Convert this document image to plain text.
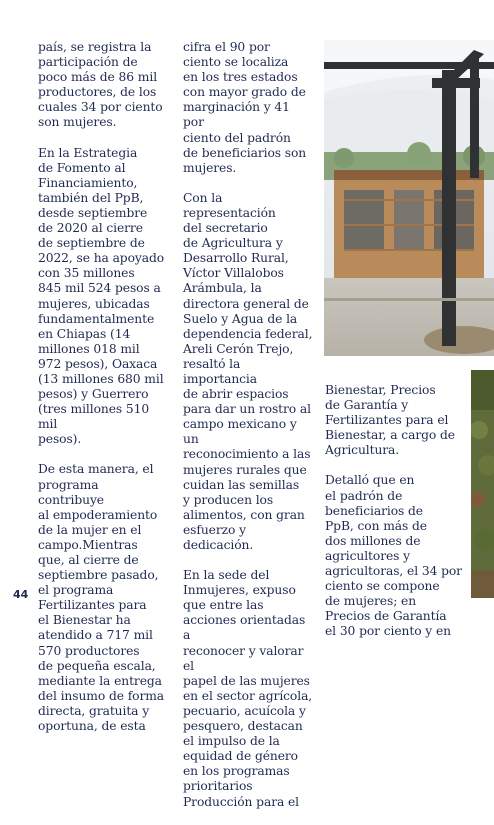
país, se registra la
participación de
poco más de 86 mil
productores, de los
cuales 34 por ciento
son mujeres.

En la Estrategia
de Fomento al
Financiamiento,
también del PpB,
desde septiembre
de 2020 al cierre
de septiembre de
2022, se ha apoyado
con 35 millones
845 mil 524 pesos a
mujeres, ubicadas
fundamentalmente
en Chiapas (14
millones 018 mil
972 pesos), Oaxaca
(13 millones 680 mil
pesos) y Guerrero
(tres millones 510 mil
pesos).

De esta manera, el
programa contribuye
al empoderamiento
de la mujer en el
campo.Mientras
que, al cierre de
septiembre pasado,
el programa
Fertilizantes para
el Bienestar ha
atendido a 717 mil
570 productores
de pequeña escala,
mediante la entrega
del insumo de forma
directa, gratuita y
oportuna, de esta

cifra el 90 por
ciento se localiza
en los tres estados
con mayor grado de
marginación y 41 por
ciento del padrón
de beneficiarios son
mujeres.

Con la representación
del secretario
de Agricultura y
Desarrollo Rural,
Víctor Villalobos
Arámbula, la
directora general de
Suelo y Agua de la
dependencia federal,
Areli Cerón Trejo,
resaltó la importancia
de abrir espacios
para dar un rostro al
campo mexicano y un
reconocimiento a las
mujeres rurales que
cuidan las semillas
y producen los
alimentos, con gran
esfuerzo y dedicación.

En la sede del
Inmujeres, expuso
que entre las
acciones orientadas a
reconocer y valorar el
papel de las mujeres
en el sector agrícola,
pecuario, acuícola y
pesquero, destacan
el impulso de la
equidad de género
en los programas
prioritarios
Producción para el

Bienestar, Precios
de Garantía y
Fertilizantes para el
Bienestar, a cargo de
Agricultura.

Detalló que en
el padrón de
beneficiarios de
PpB, con más de
dos millones de
agricultores y
agricultoras, el 34 por
ciento se compone
de mujeres; en
Precios de Garantía
el 30 por ciento y en

44
